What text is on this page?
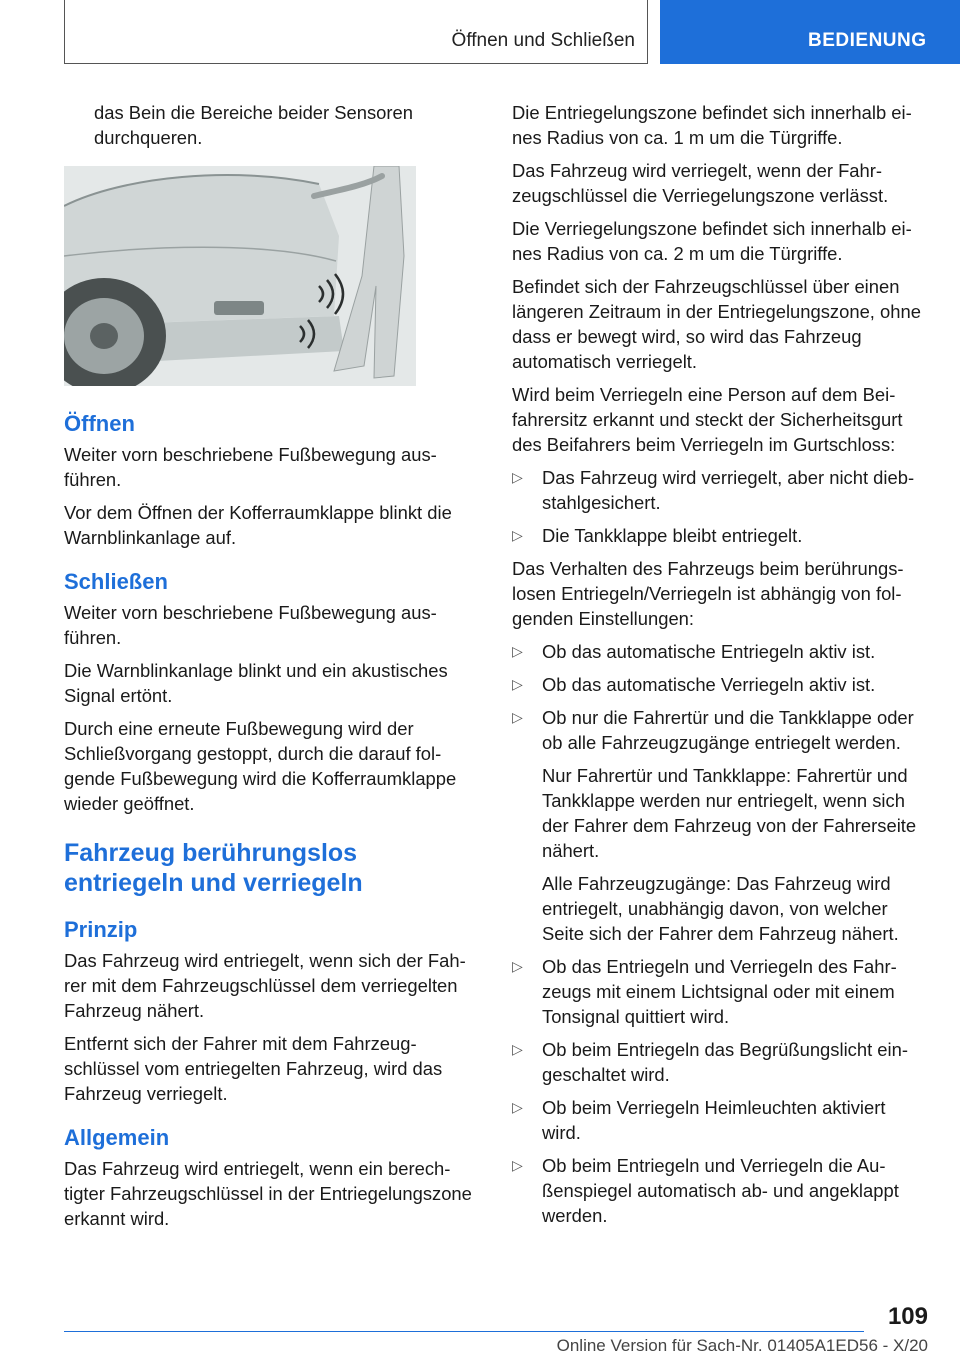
Öffnen und Schließen	BEDIENUNG

das Bein die Bereiche beider Sensoren durchqueren.

Öffnen

Weiter vorn beschriebene Fußbewegung ausführen.

Vor dem Öffnen der Kofferraumklappe blinkt die Warnblinkanlage auf.

Schließen

Weiter vorn beschriebene Fußbewegung ausführen.

Die Warnblinkanlage blinkt und ein akustisches Signal ertönt.

Durch eine erneute Fußbewegung wird der Schließvorgang gestoppt, durch die darauf folgende Fußbewegung wird die Kofferraumklappe wieder geöffnet.

Fahrzeug berührungslos entriegeln und verriegeln
Prinzip

Das Fahrzeug wird entriegelt, wenn sich der Fahrer mit dem Fahrzeugschlüssel dem verriegelten Fahrzeug nähert.

Entfernt sich der Fahrer mit dem Fahrzeugschlüssel vom entriegelten Fahrzeug, wird das Fahrzeug verriegelt.

Allgemein

Das Fahrzeug wird entriegelt, wenn ein berechtigter Fahrzeugschlüssel in der Entriegelungszone erkannt wird.

Die Entriegelungszone befindet sich innerhalb eines Radius von ca. 1 m um die Türgriffe.

Das Fahrzeug wird verriegelt, wenn der Fahrzeugschlüssel die Verriegelungszone verlässt.

Die Verriegelungszone befindet sich innerhalb eines Radius von ca. 2 m um die Türgriffe.

Befindet sich der Fahrzeugschlüssel über einen längeren Zeitraum in der Entriegelungszone, ohne dass er bewegt wird, so wird das Fahrzeug automatisch verriegelt.

Wird beim Verriegeln eine Person auf dem Beifahrersitz erkannt und steckt der Sicherheitsgurt des Beifahrers beim Verriegeln im Gurtschloss:

▷	Das Fahrzeug wird verriegelt, aber nicht diebstahlgesichert.
▷	Die Tankklappe bleibt entriegelt.

Das Verhalten des Fahrzeugs beim berührungslosen Entriegeln/Verriegeln ist abhängig von folgenden Einstellungen:

▷	Ob das automatische Entriegeln aktiv ist.
▷	Ob das automatische Verriegeln aktiv ist.
▷	Ob nur die Fahrertür und die Tankklappe oder ob alle Fahrzeugzugänge entriegelt werden.

Nur Fahrertür und Tankklappe: Fahrertür und Tankklappe werden nur entriegelt, wenn sich der Fahrer dem Fahrzeug von der Fahrerseite nähert.

Alle Fahrzeugzugänge: Das Fahrzeug wird entriegelt, unabhängig davon, von welcher Seite sich der Fahrer dem Fahrzeug nähert.

▷	Ob das Entriegeln und Verriegeln des Fahrzeugs mit einem Lichtsignal oder mit einem Tonsignal quittiert wird.
▷	Ob beim Entriegeln das Begrüßungslicht eingeschaltet wird.
▷	Ob beim Verriegeln Heimleuchten aktiviert wird.
▷	Ob beim Entriegeln und Verriegeln die Außenspiegel automatisch ab- und angeklappt werden.
109
Online Version für Sach-Nr. 01405A1ED56 - X/20
